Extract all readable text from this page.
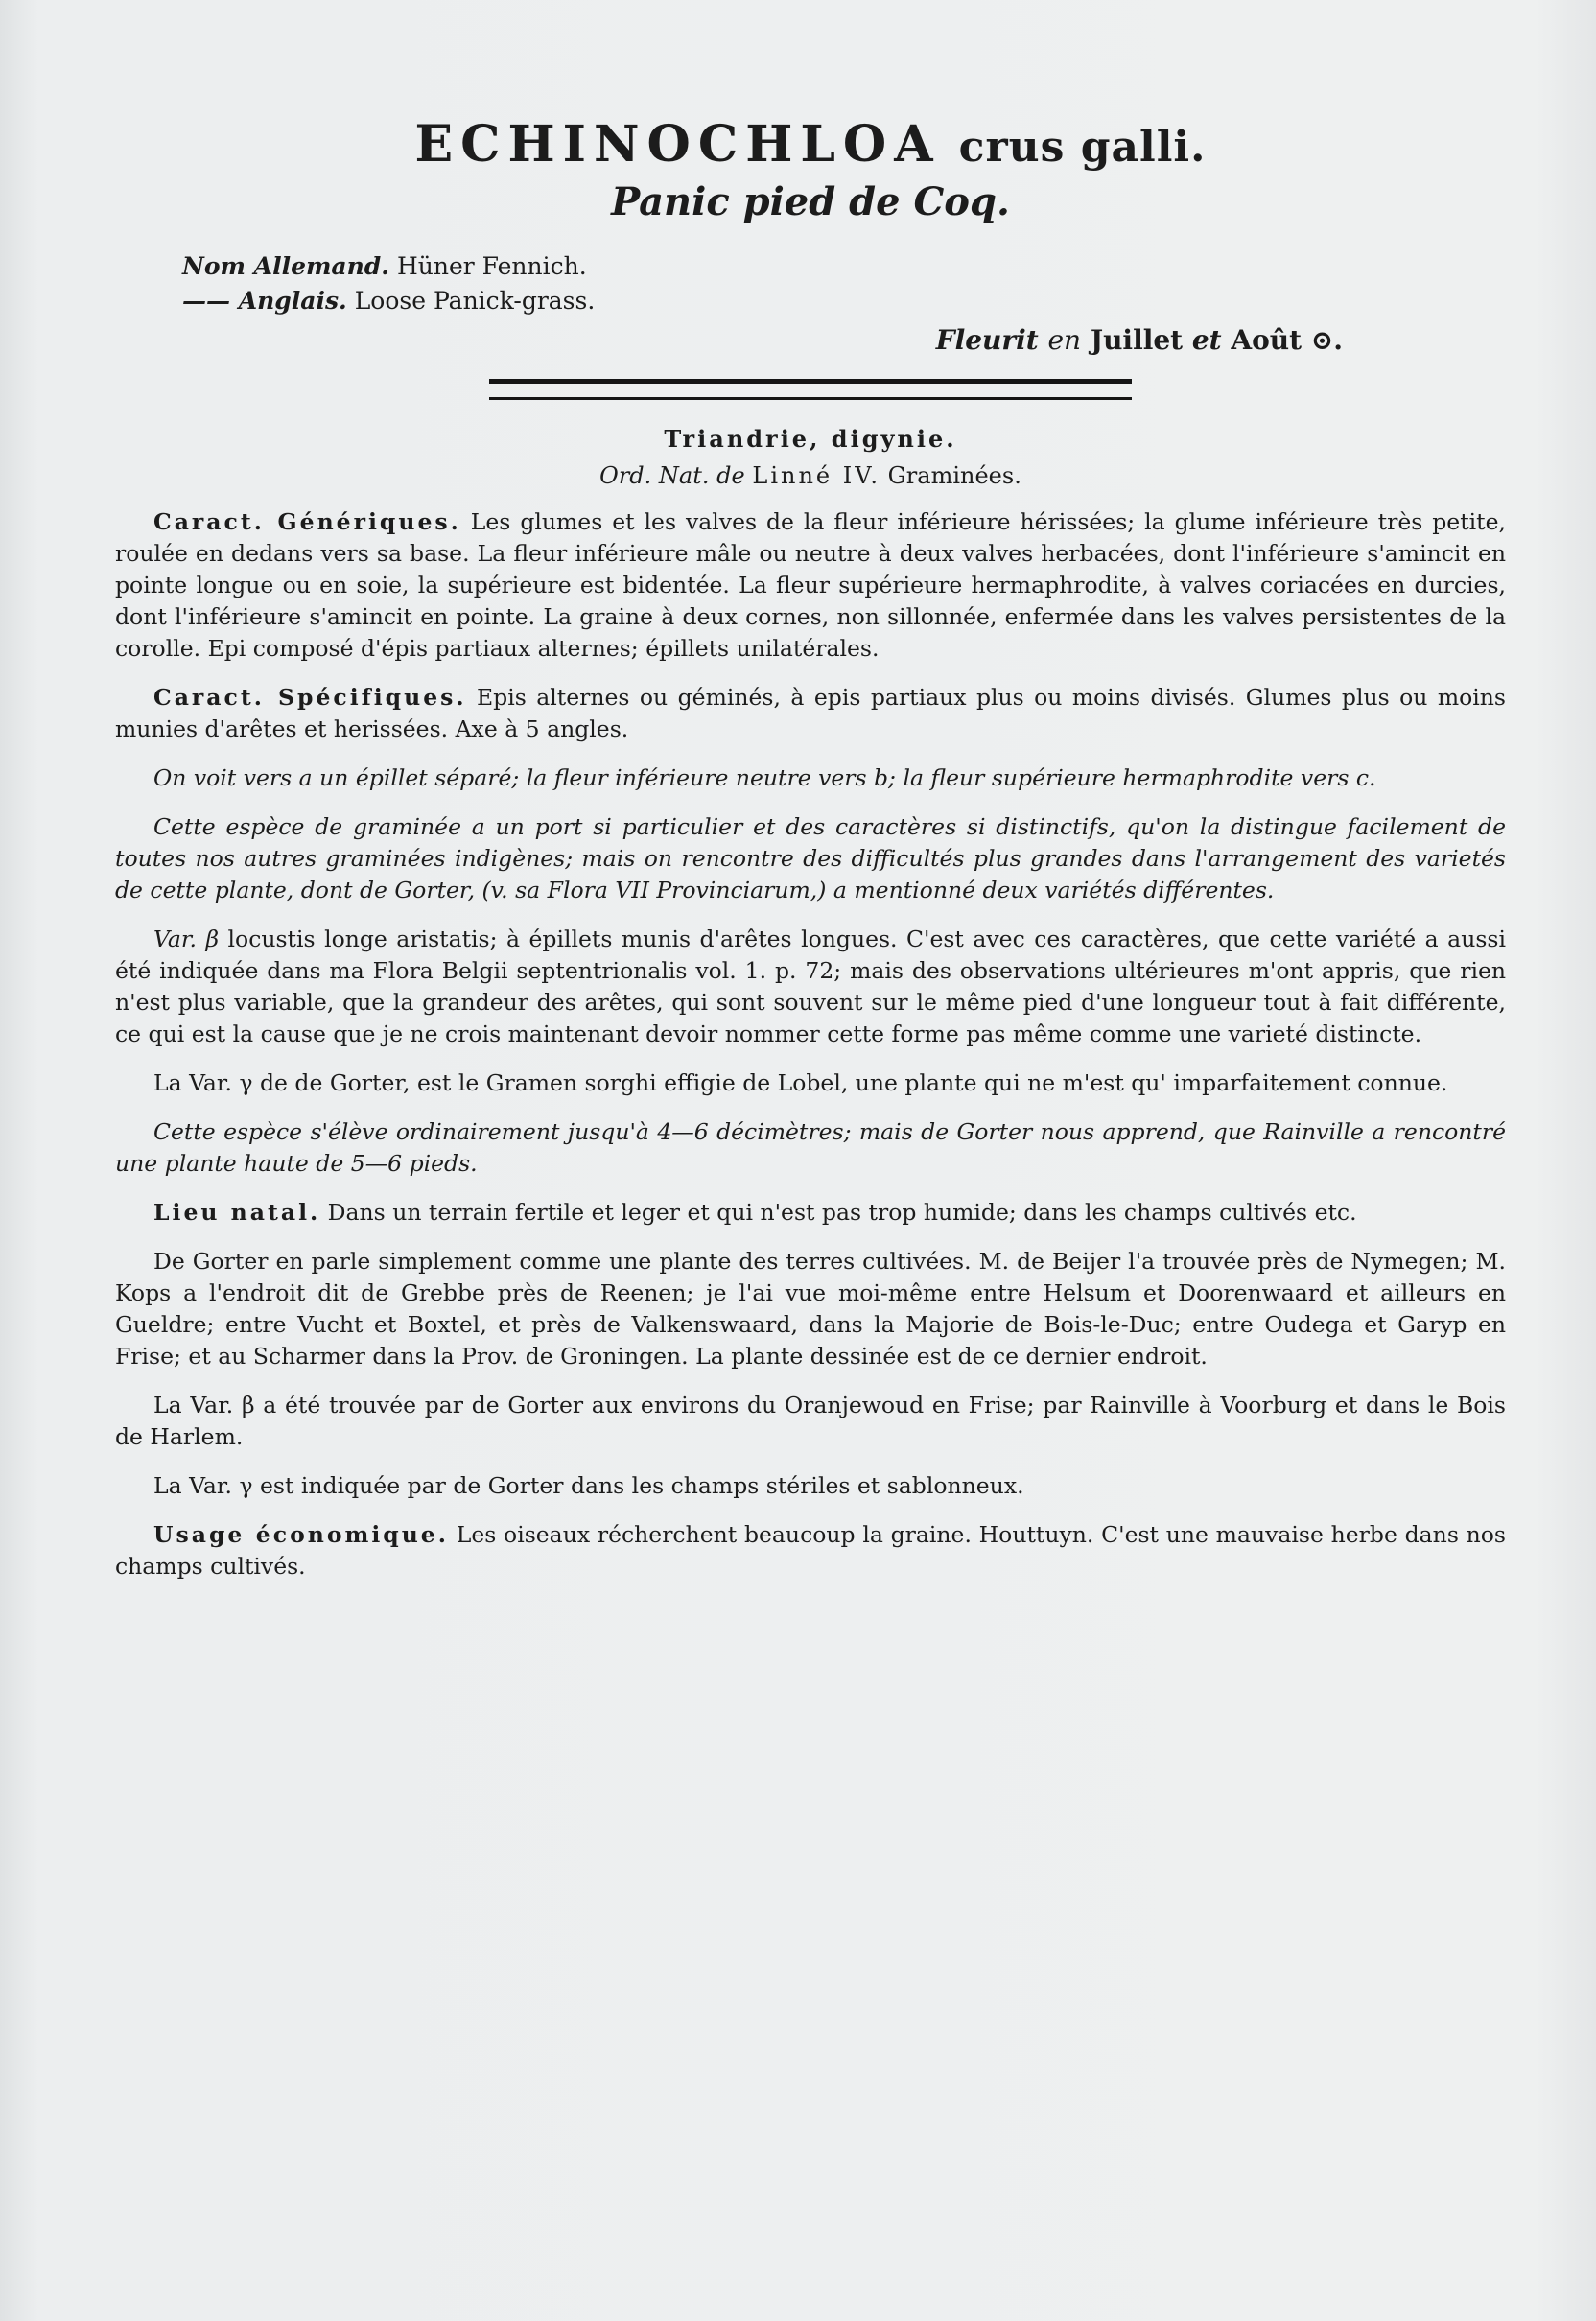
ECHINOCHLOA crus galli.
Panic pied de Coq.
Nom Allemand. Hüner Fennich.
—— Anglais. Loose Panick-grass.
Fleurit en Juillet et Août ⊙.
Triandrie, digynie.
Ord. Nat. de Linné IV. Graminées.

Caract. Génériques. Les glumes et les valves de la fleur inférieure hérissées; la glume inférieure très petite, roulée en dedans vers sa base. La fleur inférieure mâle ou neutre à deux valves herbacées, dont l'inférieure s'amincit en pointe longue ou en soie, la supérieure est bidentée. La fleur supérieure hermaphrodite, à valves coriacées en durcies, dont l'inférieure s'amincit en pointe. La graine à deux cornes, non sillonnée, enfermée dans les valves persistentes de la corolle. Epi composé d'épis partiaux alternes; épillets unilatérales.

Caract. Spécifiques. Epis alternes ou géminés, à epis partiaux plus ou moins divisés. Glumes plus ou moins munies d'arêtes et herissées. Axe à 5 angles.

On voit vers a un épillet séparé; la fleur inférieure neutre vers b; la fleur supérieure hermaphrodite vers c.

Cette espèce de graminée a un port si particulier et des caractères si distinctifs, qu'on la distingue facilement de toutes nos autres graminées indigènes; mais on rencontre des difficultés plus grandes dans l'arrangement des varietés de cette plante, dont de Gorter, (v. sa Flora VII Provinciarum,) a mentionné deux variétés différentes.

Var. β locustis longe aristatis; à épillets munis d'arêtes longues. C'est avec ces caractères, que cette variété a aussi été indiquée dans ma Flora Belgii septentrionalis vol. 1. p. 72; mais des observations ultérieures m'ont appris, que rien n'est plus variable, que la grandeur des arêtes, qui sont souvent sur le même pied d'une longueur tout à fait différente, ce qui est la cause que je ne crois maintenant devoir nommer cette forme pas même comme une varieté distincte.

La Var. γ de de Gorter, est le Gramen sorghi effigie de Lobel, une plante qui ne m'est qu' imparfaitement connue.

Cette espèce s'élève ordinairement jusqu'à 4—6 décimètres; mais de Gorter nous apprend, que Rainville a rencontré une plante haute de 5—6 pieds.

Lieu natal. Dans un terrain fertile et leger et qui n'est pas trop humide; dans les champs cultivés etc.

De Gorter en parle simplement comme une plante des terres cultivées. M. de Beijer l'a trouvée près de Nymegen; M. Kops a l'endroit dit de Grebbe près de Reenen; je l'ai vue moi-même entre Helsum et Doorenwaard et ailleurs en Gueldre; entre Vucht et Boxtel, et près de Valkenswaard, dans la Majorie de Bois-le-Duc; entre Oudega et Garyp en Frise; et au Scharmer dans la Prov. de Groningen. La plante dessinée est de ce dernier endroit.

La Var. β a été trouvée par de Gorter aux environs du Oranjewoud en Frise; par Rainville à Voorburg et dans le Bois de Harlem.

La Var. γ est indiquée par de Gorter dans les champs stériles et sablonneux.

Usage économique. Les oiseaux récherchent beaucoup la graine. Houttuyn. C'est une mauvaise herbe dans nos champs cultivés.
